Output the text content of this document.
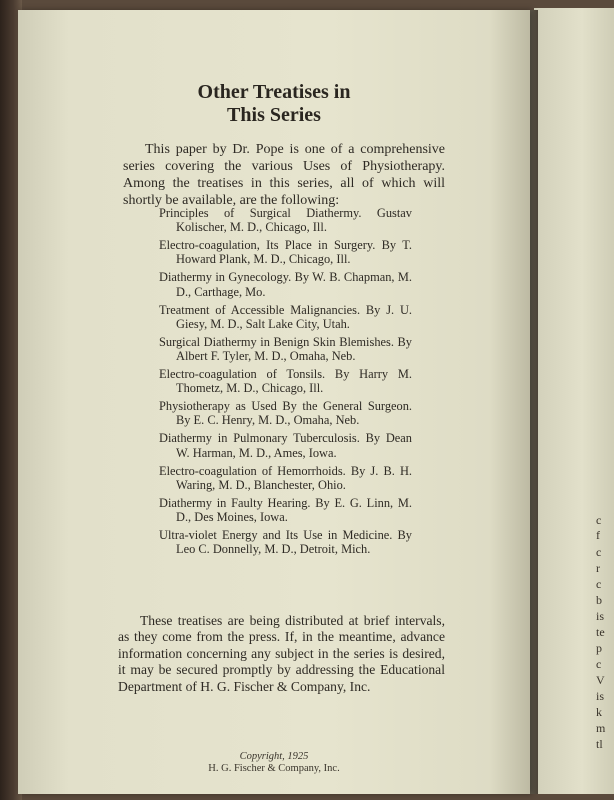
c
f
c
r
c
b
is
te
p
c
V
is
k
m
tl
Other Treatises in
This Series

This paper by Dr. Pope is one of a comprehensive series covering the various Uses of Physiotherapy. Among the treatises in this series, all of which will shortly be available, are the following:

Principles of Surgical Diathermy. Gustav Kolischer, M. D., Chicago, Ill.
Electro-coagulation, Its Place in Surgery. By T. Howard Plank, M. D., Chicago, Ill.
Diathermy in Gynecology. By W. B. Chapman, M. D., Carthage, Mo.
Treatment of Accessible Malignancies. By J. U. Giesy, M. D., Salt Lake City, Utah.
Surgical Diathermy in Benign Skin Blemishes. By Albert F. Tyler, M. D., Omaha, Neb.
Electro-coagulation of Tonsils. By Harry M. Thometz, M. D., Chicago, Ill.
Physiotherapy as Used By the General Surgeon. By E. C. Henry, M. D., Omaha, Neb.
Diathermy in Pulmonary Tuberculosis. By Dean W. Harman, M. D., Ames, Iowa.
Electro-coagulation of Hemorrhoids. By J. B. H. Waring, M. D., Blanchester, Ohio.
Diathermy in Faulty Hearing. By E. G. Linn, M. D., Des Moines, Iowa.
Ultra-violet Energy and Its Use in Medicine. By Leo C. Donnelly, M. D., Detroit, Mich.

These treatises are being distributed at brief intervals, as they come from the press. If, in the meantime, advance information concerning any subject in the series is desired, it may be secured promptly by addressing the Educational Department of H. G. Fischer & Company, Inc.

Copyright, 1925
H. G. Fischer & Company, Inc.
